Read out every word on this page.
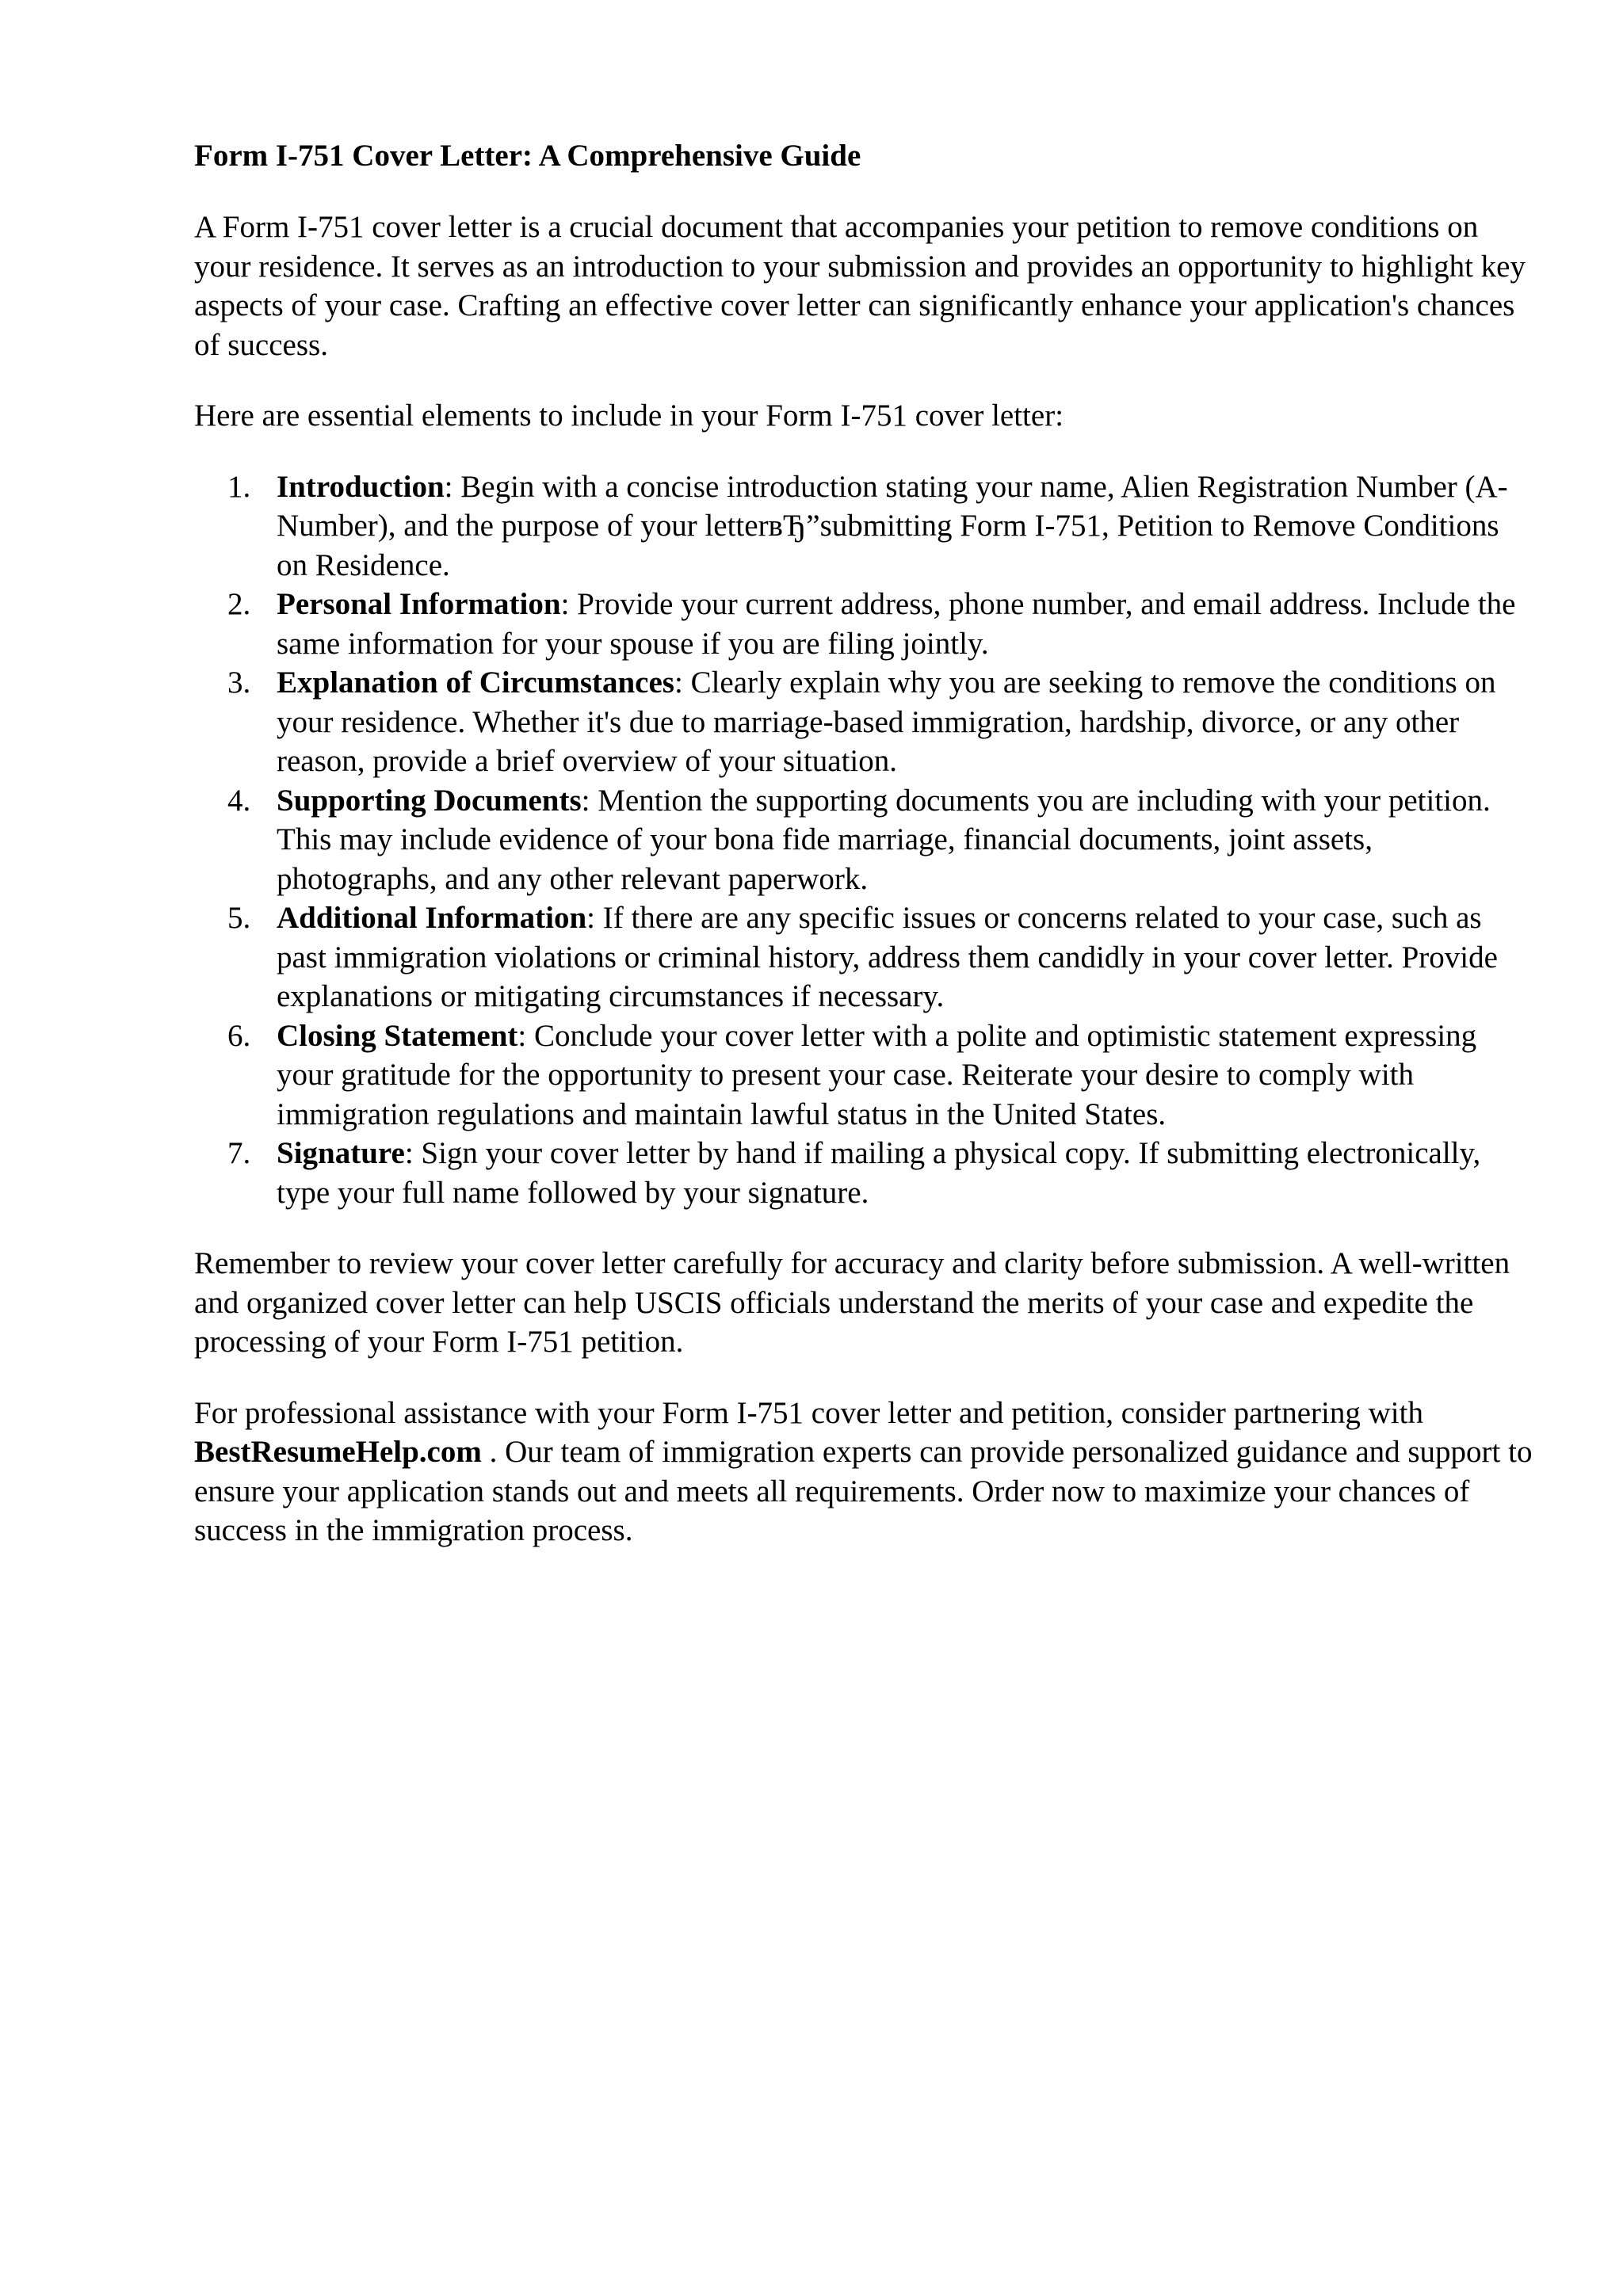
Form I-751 Cover Letter: A Comprehensive Guide

A Form I-751 cover letter is a crucial document that accompanies your petition to remove conditions on your residence. It serves as an introduction to your submission and provides an opportunity to highlight key aspects of your case. Crafting an effective cover letter can significantly enhance your application's chances of success.

Here are essential elements to include in your Form I-751 cover letter:

1. Introduction: Begin with a concise introduction stating your name, Alien Registration Number (A-Number), and the purpose of your letterвЂ”submitting Form I-751, Petition to Remove Conditions on Residence.
2. Personal Information: Provide your current address, phone number, and email address. Include the same information for your spouse if you are filing jointly.
3. Explanation of Circumstances: Clearly explain why you are seeking to remove the conditions on your residence. Whether it's due to marriage-based immigration, hardship, divorce, or any other reason, provide a brief overview of your situation.
4. Supporting Documents: Mention the supporting documents you are including with your petition. This may include evidence of your bona fide marriage, financial documents, joint assets, photographs, and any other relevant paperwork.
5. Additional Information: If there are any specific issues or concerns related to your case, such as past immigration violations or criminal history, address them candidly in your cover letter. Provide explanations or mitigating circumstances if necessary.
6. Closing Statement: Conclude your cover letter with a polite and optimistic statement expressing your gratitude for the opportunity to present your case. Reiterate your desire to comply with immigration regulations and maintain lawful status in the United States.
7. Signature: Sign your cover letter by hand if mailing a physical copy. If submitting electronically, type your full name followed by your signature.

Remember to review your cover letter carefully for accuracy and clarity before submission. A well-written and organized cover letter can help USCIS officials understand the merits of your case and expedite the processing of your Form I-751 petition.

For professional assistance with your Form I-751 cover letter and petition, consider partnering with BestResumeHelp.com . Our team of immigration experts can provide personalized guidance and support to ensure your application stands out and meets all requirements. Order now to maximize your chances of success in the immigration process.
